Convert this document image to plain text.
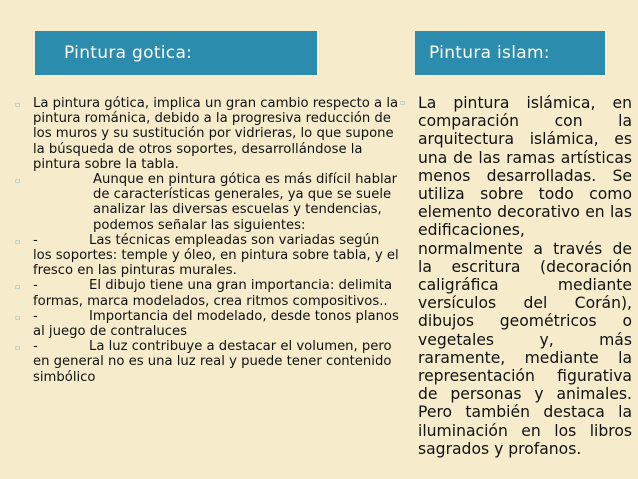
Pintura gotica:	Pintura islam:
▫ La pintura gótica, implica un gran cambio respecto a la pintura románica, debido a la progresiva reducción de los muros y su sustitución por vidrieras, lo que supone la búsqueda de otros soportes, desarrollándose la pintura sobre la tabla.
▫	Aunque en pintura gótica es más difícil hablar de características generales, ya que se suele analizar las diversas escuelas y tendencias, podemos señalar las siguientes:
▫ -	Las técnicas empleadas son variadas según los soportes: temple y óleo, en pintura sobre tabla, y el fresco en las pinturas murales.
▫ -	El dibujo tiene una gran importancia: delimita formas, marca modelados, crea ritmos compositivos..
▫ -	Importancia del modelado, desde tonos planos al juego de contraluces
▫ -	La luz contribuye a destacar el volumen, pero en general no es una luz real y puede tener contenido simbólico
▫ La pintura islámica, en comparación con la arquitectura islámica, es una de las ramas artísticas menos desarrolladas. Se utiliza sobre todo como elemento decorativo en las edificaciones, normalmente a través de la escritura (decoración caligráfica mediante versículos del Corán), dibujos geométricos o vegetales y, más raramente, mediante la representación figurativa de personas y animales. Pero también destaca la iluminación en los libros sagrados y profanos.
